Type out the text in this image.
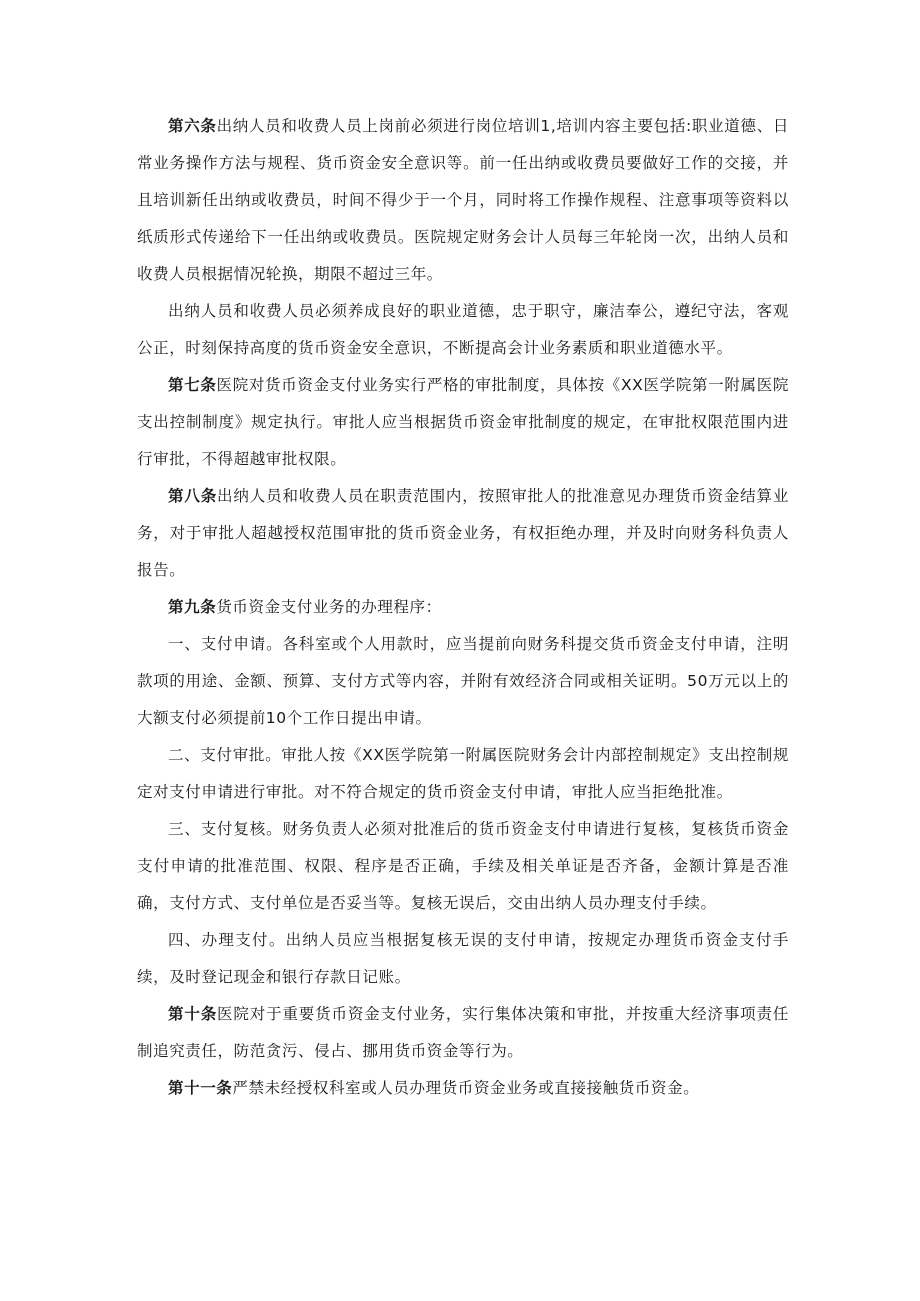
第六条出纳人员和收费人员上岗前必须进行岗位培训1,培训内容主要包括:职业道德、日常业务操作方法与规程、货币资金安全意识等。前一任出纳或收费员要做好工作的交接，并且培训新任出纳或收费员，时间不得少于一个月，同时将工作操作规程、注意事项等资料以纸质形式传递给下一任出纳或收费员。医院规定财务会计人员每三年轮岗一次，出纳人员和收费人员根据情况轮换，期限不超过三年。

出纳人员和收费人员必须养成良好的职业道德，忠于职守，廉洁奉公，遵纪守法，客观公正，时刻保持高度的货币资金安全意识，不断提高会计业务素质和职业道德水平。

第七条医院对货币资金支付业务实行严格的审批制度，具体按《XX医学院第一附属医院支出控制制度》规定执行。审批人应当根据货币资金审批制度的规定，在审批权限范围内进行审批，不得超越审批权限。

第八条出纳人员和收费人员在职责范围内，按照审批人的批准意见办理货币资金结算业务，对于审批人超越授权范围审批的货币资金业务，有权拒绝办理，并及时向财务科负责人报告。

第九条货币资金支付业务的办理程序：

一、支付申请。各科室或个人用款时，应当提前向财务科提交货币资金支付申请，注明款项的用途、金额、预算、支付方式等内容，并附有效经济合同或相关证明。50万元以上的大额支付必须提前10个工作日提出申请。

二、支付审批。审批人按《XX医学院第一附属医院财务会计内部控制规定》支出控制规定对支付申请进行审批。对不符合规定的货币资金支付申请，审批人应当拒绝批准。

三、支付复核。财务负责人必须对批准后的货币资金支付申请进行复核，复核货币资金支付申请的批准范围、权限、程序是否正确，手续及相关单证是否齐备，金额计算是否准确，支付方式、支付单位是否妥当等。复核无误后，交由出纳人员办理支付手续。

四、办理支付。出纳人员应当根据复核无误的支付申请，按规定办理货币资金支付手续，及时登记现金和银行存款日记账。

第十条医院对于重要货币资金支付业务，实行集体决策和审批，并按重大经济事项责任制追究责任，防范贪污、侵占、挪用货币资金等行为。

第十一条严禁未经授权科室或人员办理货币资金业务或直接接触货币资金。
